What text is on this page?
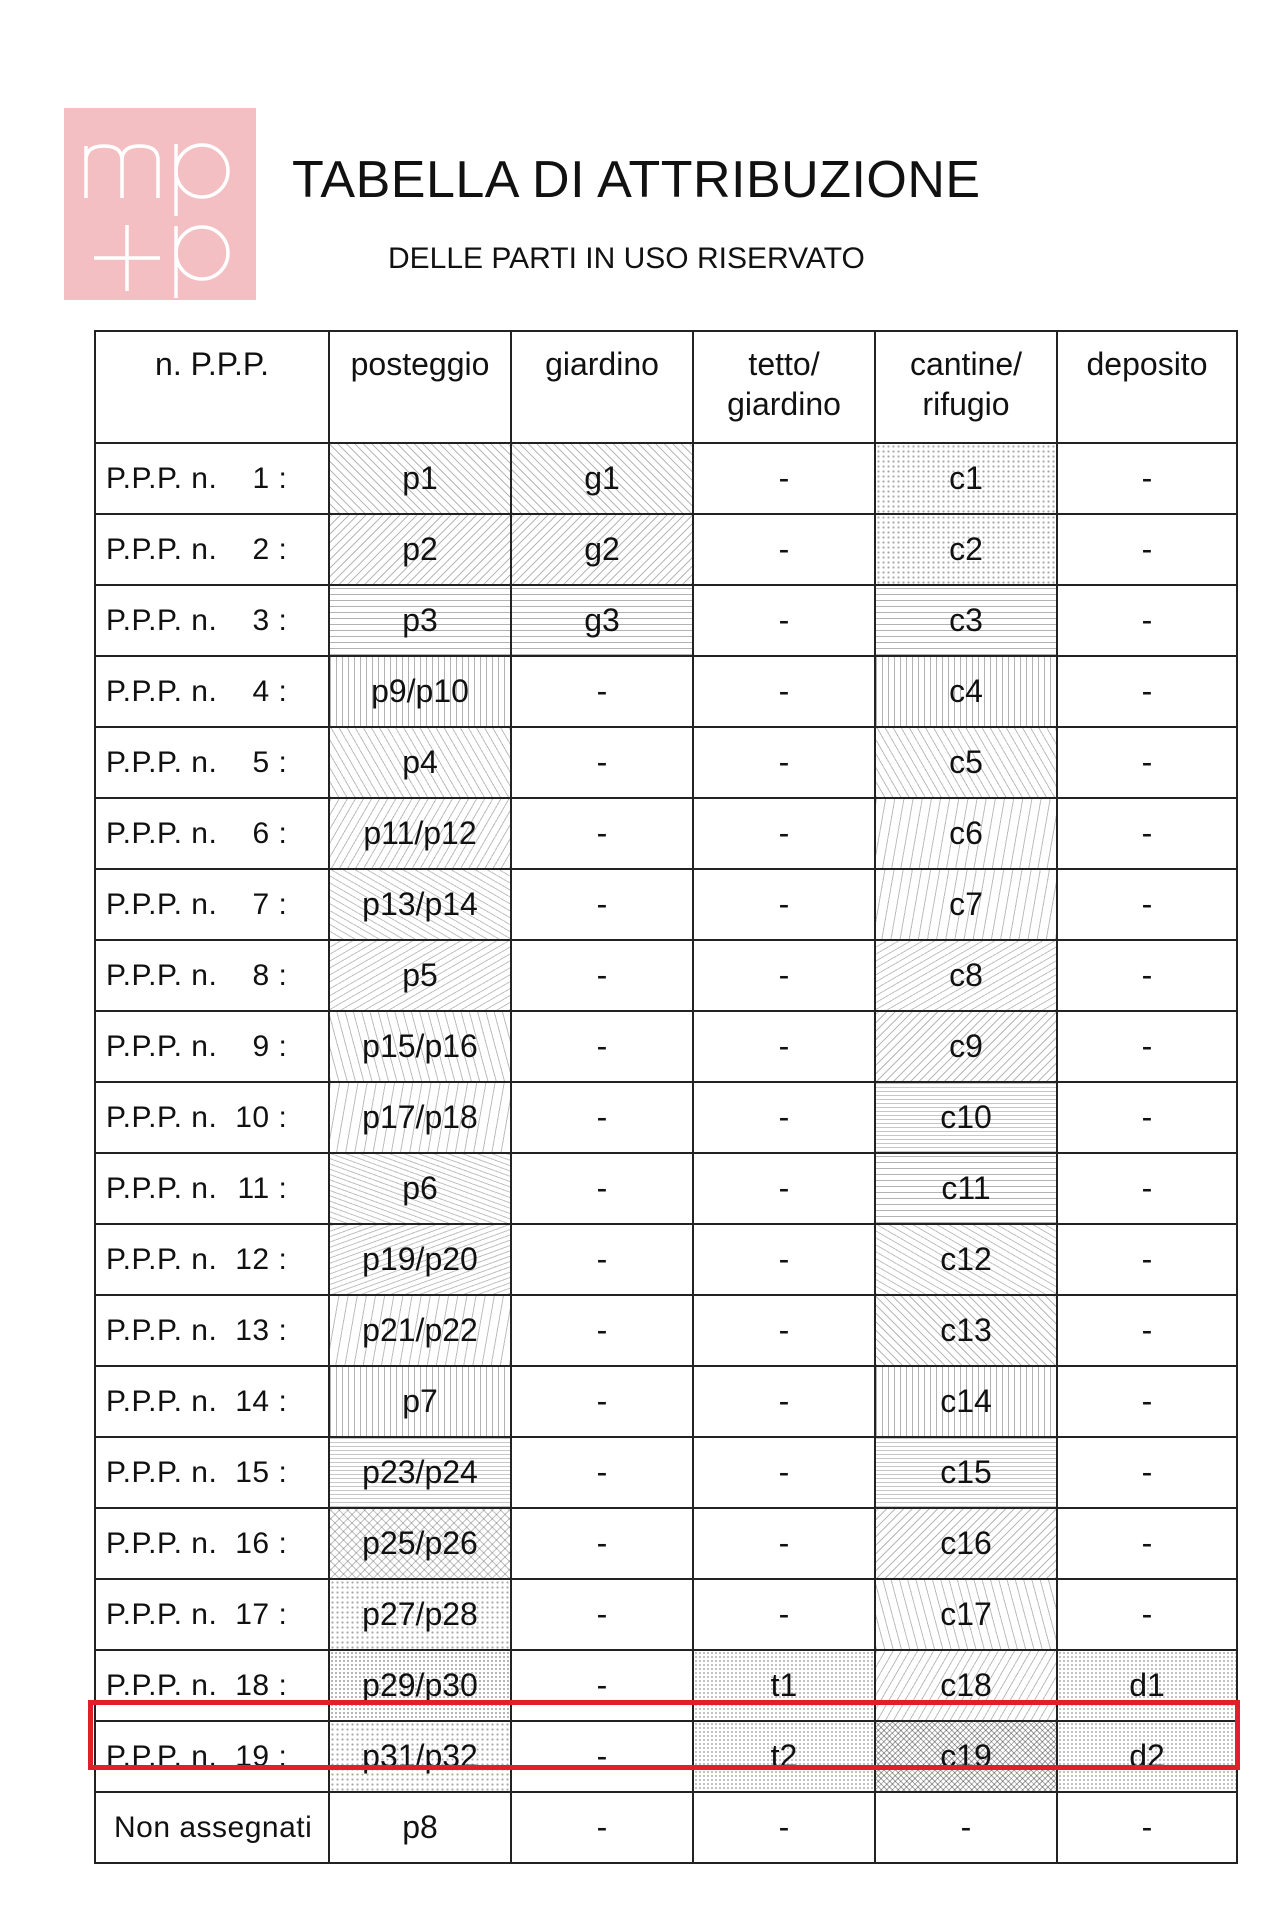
TABELLA DI ATTRIBUZIONE
DELLE PARTI IN USO RISERVATO
n. P.P.P.	posteggio	giardino	tetto/
giardino	cantine/
rifugio	deposito
P.P.P. n. 1 :	p1	g1	-	c1	-
P.P.P. n. 2 :	p2	g2	-	c2	-
P.P.P. n. 3 :	p3	g3	-	c3	-
P.P.P. n. 4 :	p9/p10	-	-	c4	-
P.P.P. n. 5 :	p4	-	-	c5	-
P.P.P. n. 6 :	p11/p12	-	-	c6	-
P.P.P. n. 7 :	p13/p14	-	-	c7	-
P.P.P. n. 8 :	p5	-	-	c8	-
P.P.P. n. 9 :	p15/p16	-	-	c9	-
P.P.P. n. 10 :	p17/p18	-	-	c10	-
P.P.P. n. 11 :	p6	-	-	c11	-
P.P.P. n. 12 :	p19/p20	-	-	c12	-
P.P.P. n. 13 :	p21/p22	-	-	c13	-
P.P.P. n. 14 :	p7	-	-	c14	-
P.P.P. n. 15 :	p23/p24	-	-	c15	-
P.P.P. n. 16 :	p25/p26	-	-	c16	-
P.P.P. n. 17 :	p27/p28	-	-	c17	-
P.P.P. n. 18 :	p29/p30	-	t1	c18	d1
P.P.P. n. 19 :	p31/p32	-	t2	c19	d2
Non assegnati	p8	-	-	-	-
